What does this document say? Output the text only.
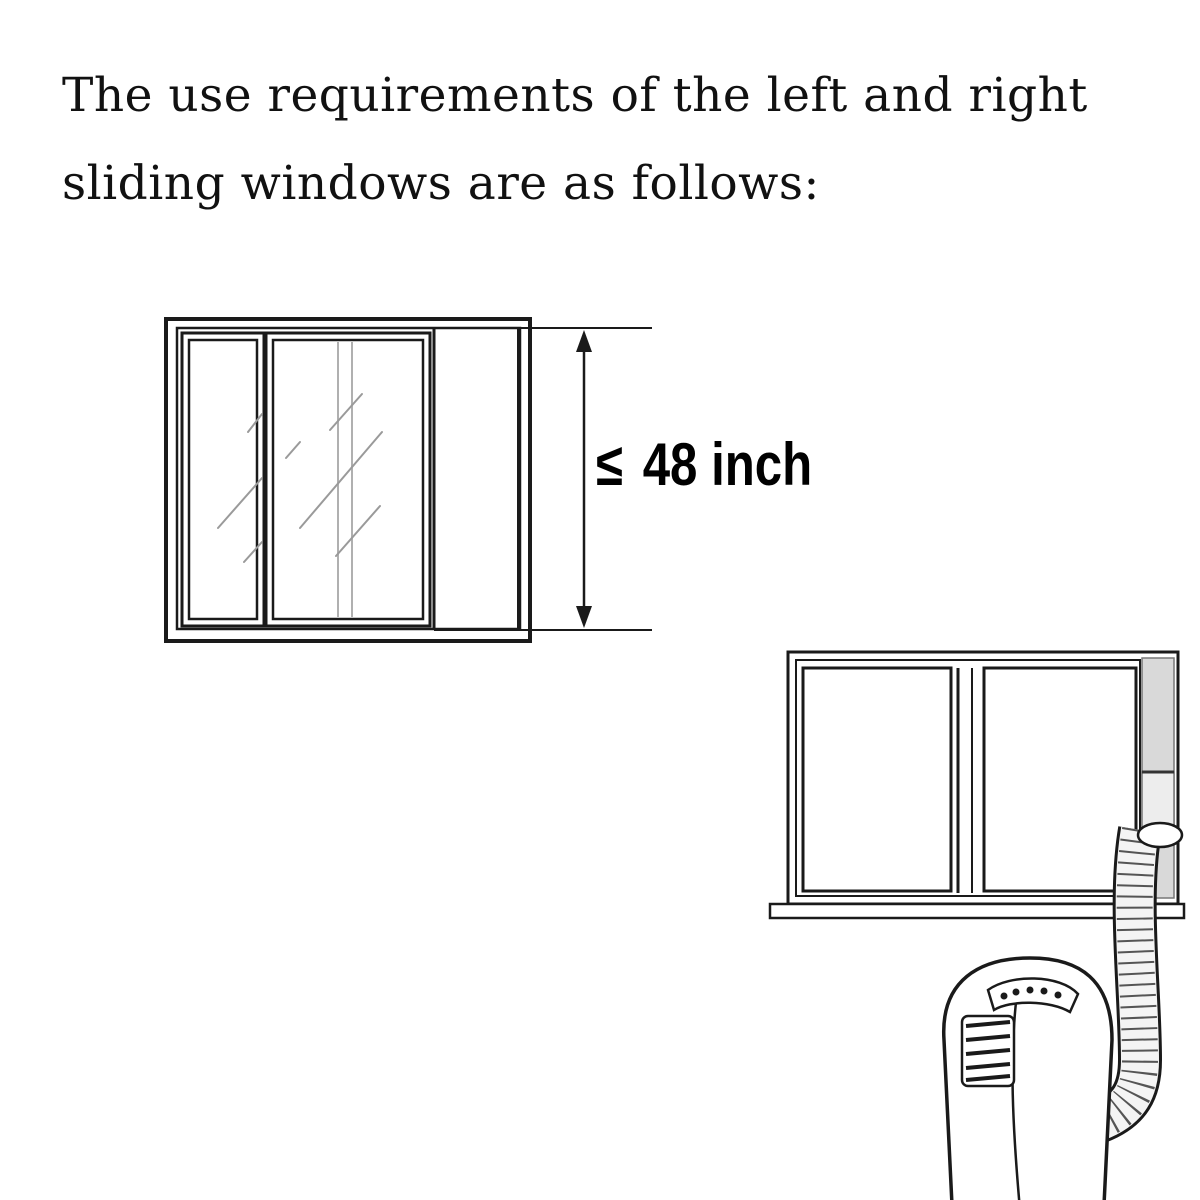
The use requirements of the left and right
sliding windows are as follows:
≤ 48 inch
